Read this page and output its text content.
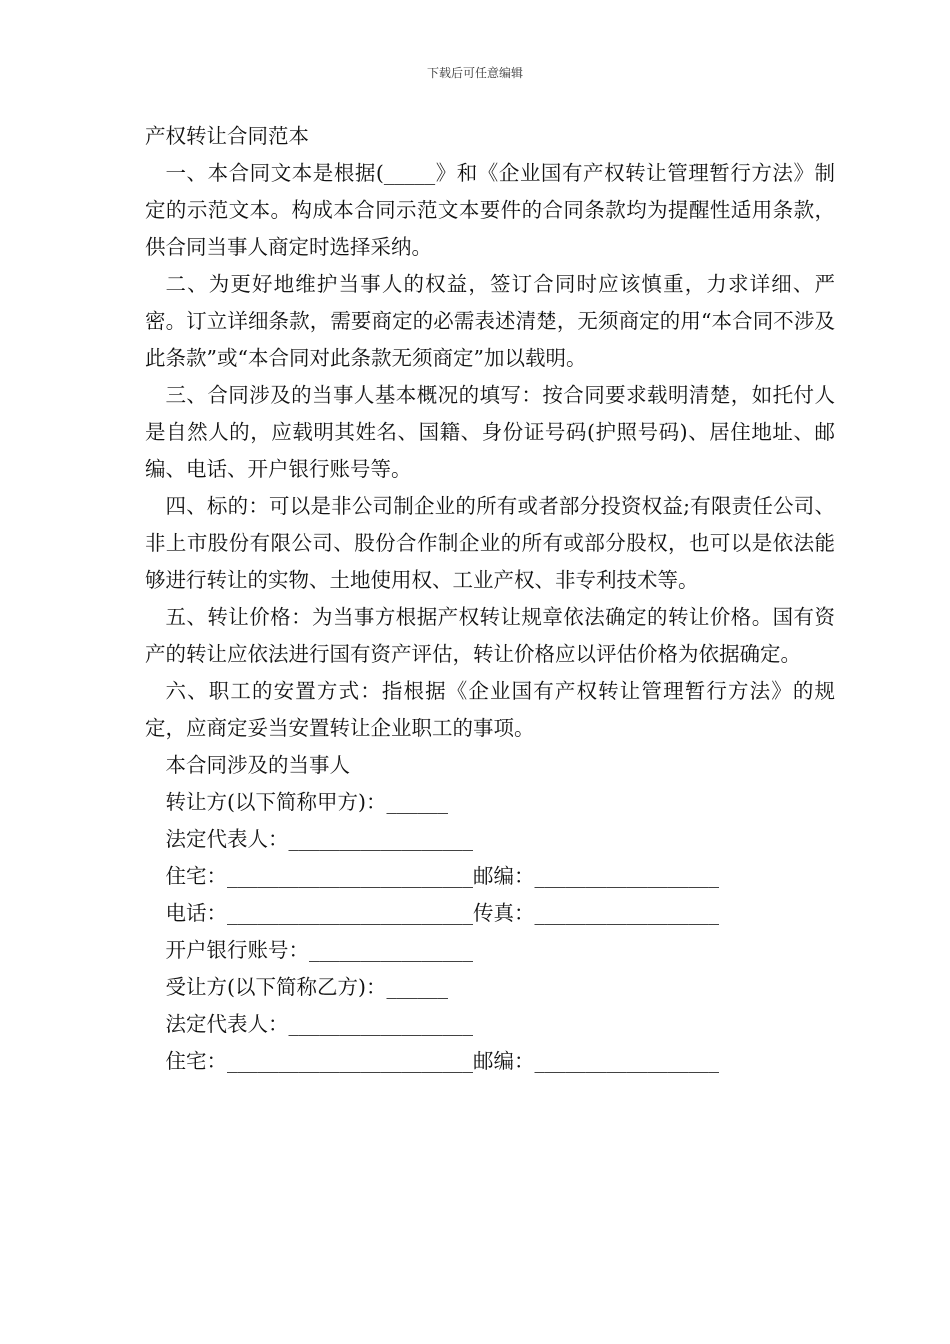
下载后可任意编辑

产权转让合同范本

一、本合同文本是根据(_____》和《企业国有产权转让管理暂行方法》制定的示范文本。构成本合同示范文本要件的合同条款均为提醒性适用条款，供合同当事人商定时选择采纳。

二、为更好地维护当事人的权益，签订合同时应该慎重，力求详细、严密。订立详细条款，需要商定的必需表述清楚，无须商定的用“本合同不涉及此条款”或“本合同对此条款无须商定”加以载明。

三、合同涉及的当事人基本概况的填写：按合同要求载明清楚，如托付人是自然人的，应载明其姓名、国籍、身份证号码(护照号码)、居住地址、邮编、电话、开户银行账号等。

四、标的：可以是非公司制企业的所有或者部分投资权益;有限责任公司、非上市股份有限公司、股份合作制企业的所有或部分股权，也可以是依法能够进行转让的实物、土地使用权、工业产权、非专利技术等。

五、转让价格：为当事方根据产权转让规章依法确定的转让价格。国有资产的转让应依法进行国有资产评估，转让价格应以评估价格为依据确定。

六、职工的安置方式：指根据《企业国有产权转让管理暂行方法》的规定，应商定妥当安置转让企业职工的事项。

本合同涉及的当事人

转让方(以下简称甲方)：______

法定代表人：__________________

住宅：________________________邮编：__________________

电话：________________________传真：__________________

开户银行账号：________________

受让方(以下简称乙方)：______

法定代表人：__________________

住宅：________________________邮编：__________________
